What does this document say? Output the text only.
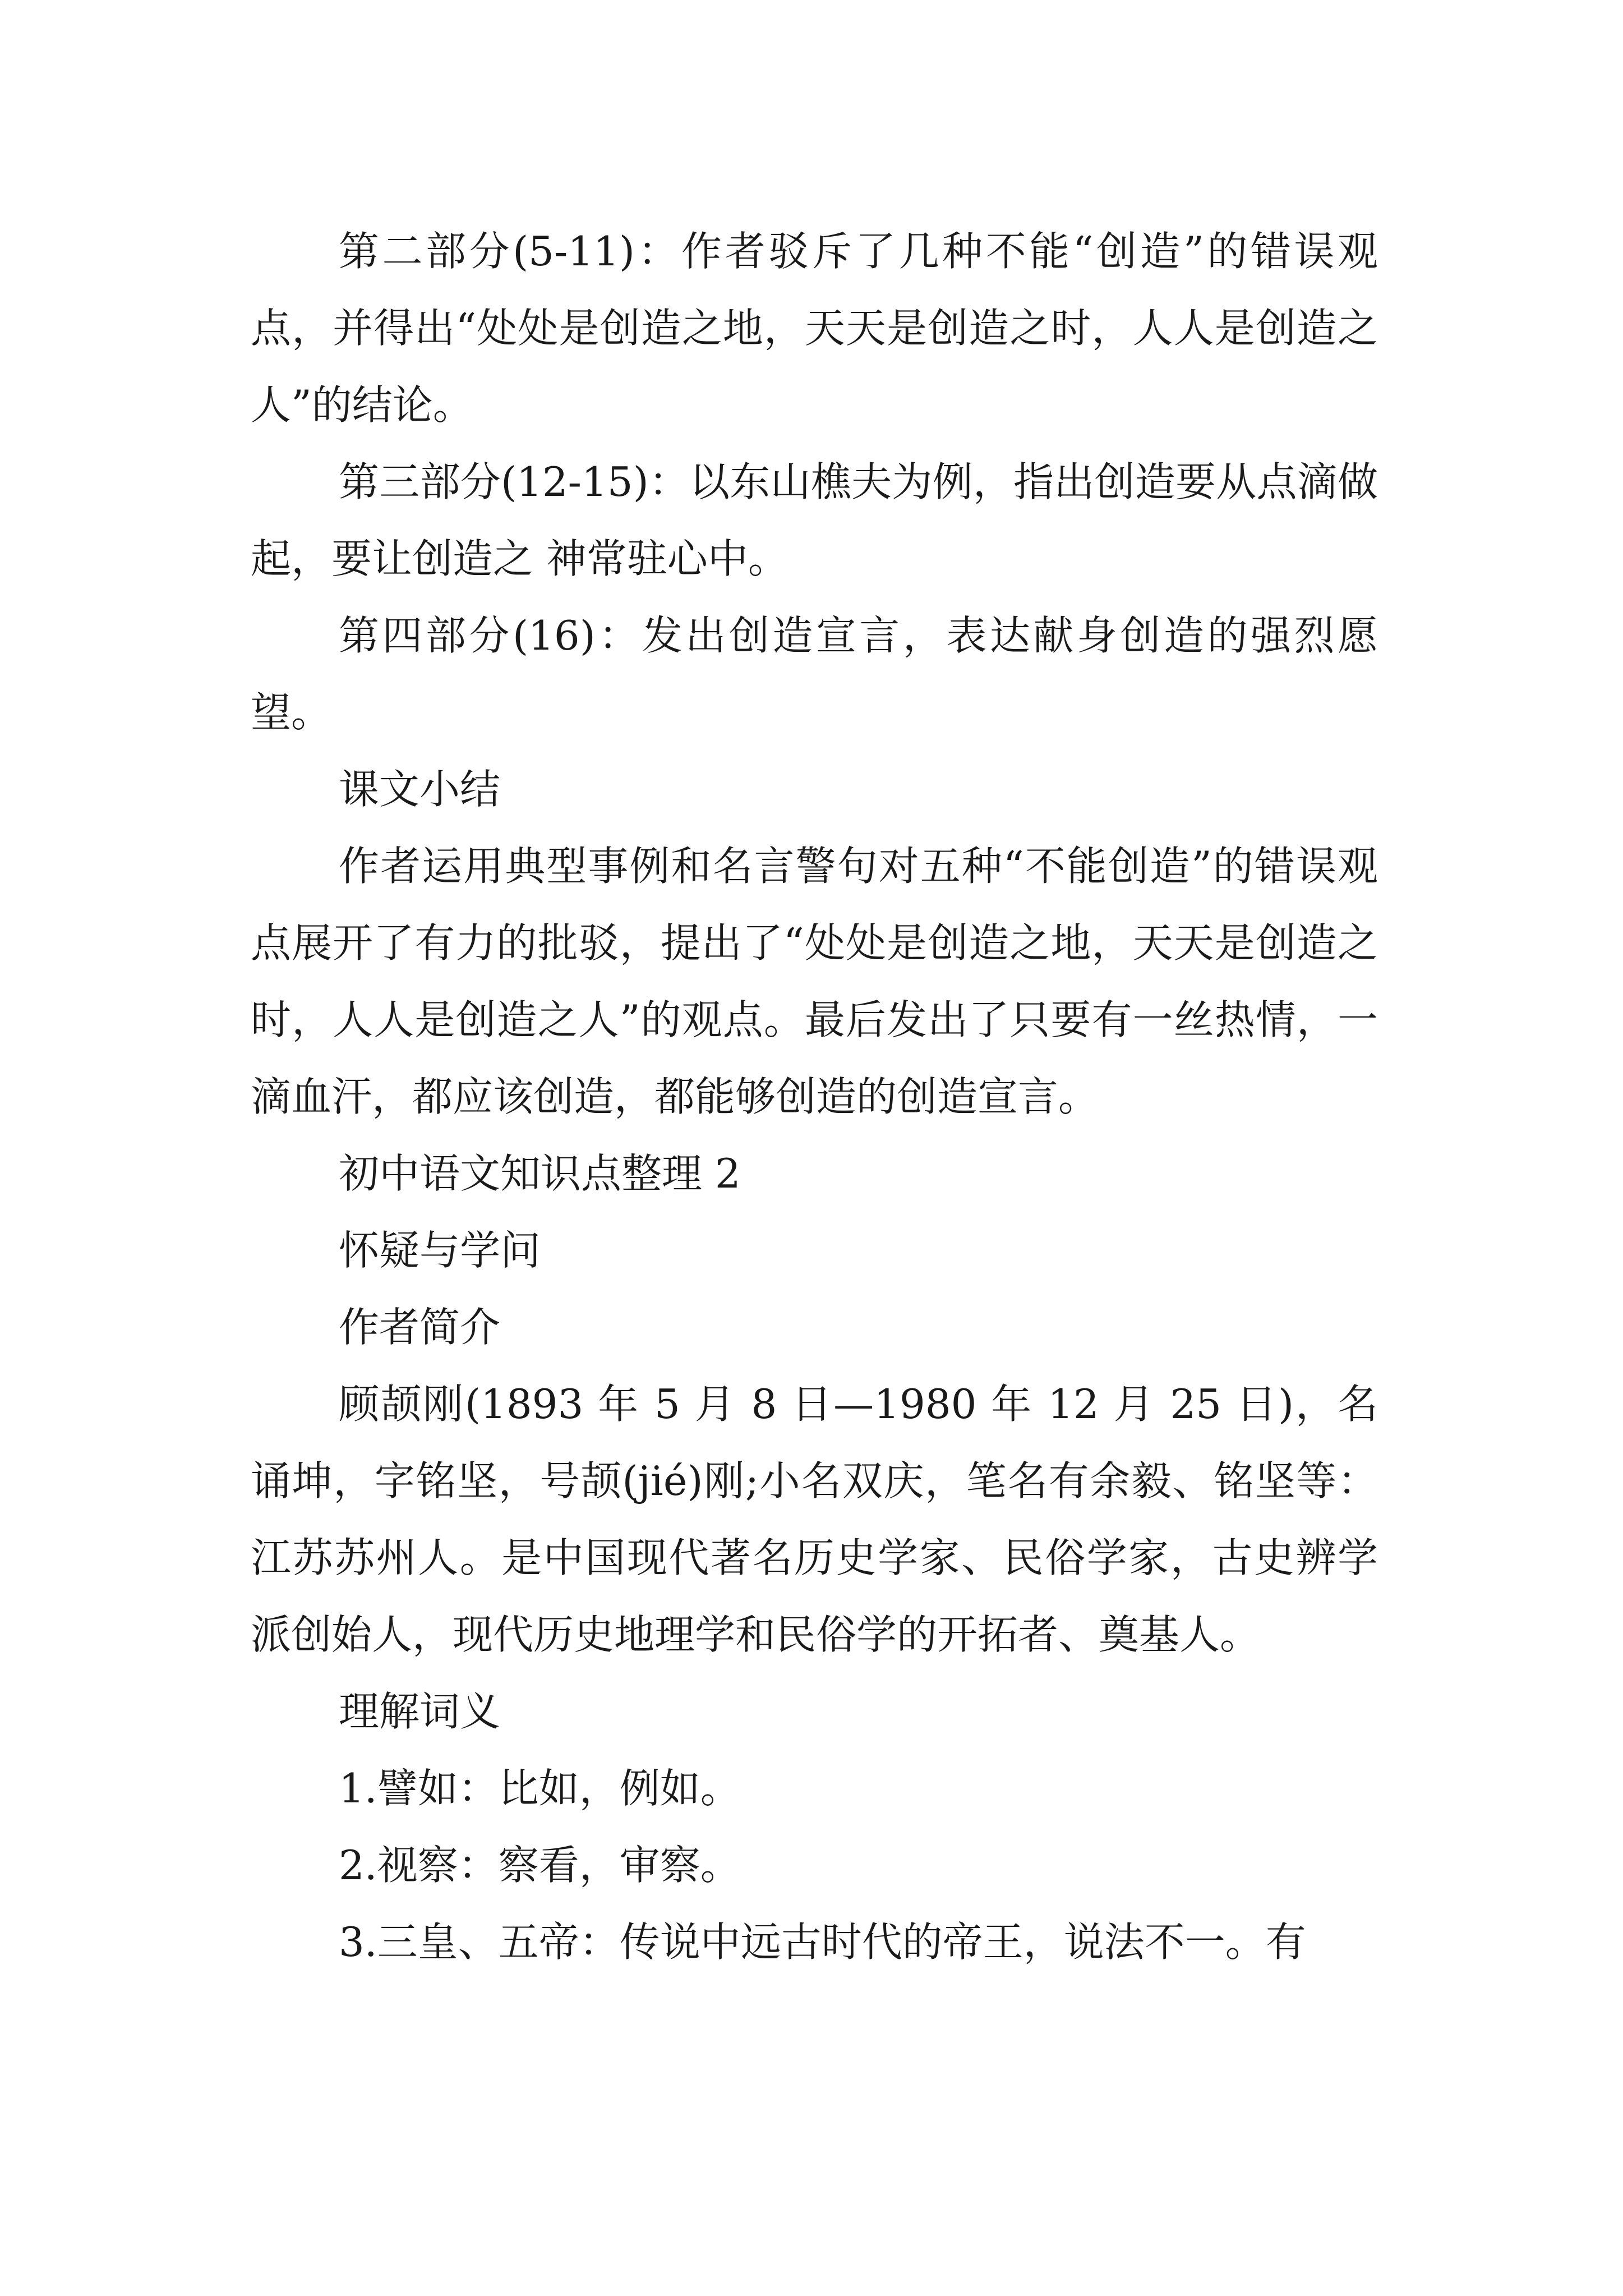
第二部分(5-11)：作者驳斥了几种不能“创造”的错误观点，并得出“处处是创造之地，天天是创造之时，人人是创造之人”的结论。

第三部分(12-15)：以东山樵夫为例，指出创造要从点滴做起，要让创造之 神常驻心中。

第四部分(16)：发出创造宣言，表达献身创造的强烈愿望。

课文小结

作者运用典型事例和名言警句对五种“不能创造”的错误观点展开了有力的批驳，提出了“处处是创造之地，天天是创造之时，人人是创造之人”的观点。最后发出了只要有一丝热情，一滴血汗，都应该创造，都能够创造的创造宣言。

初中语文知识点整理 2

怀疑与学问

作者简介

顾颉刚(1893 年 5 月 8 日—1980 年 12 月 25 日)，名诵坤，字铭坚，号颉(jié)刚;小名双庆，笔名有余毅、铭坚等：江苏苏州人。是中国现代著名历史学家、民俗学家，古史辨学派创始人，现代历史地理学和民俗学的开拓者、奠基人。

理解词义

1.譬如：比如，例如。

2.视察：察看，审察。

3.三皇、五帝：传说中远古时代的帝王，说法不一。有
